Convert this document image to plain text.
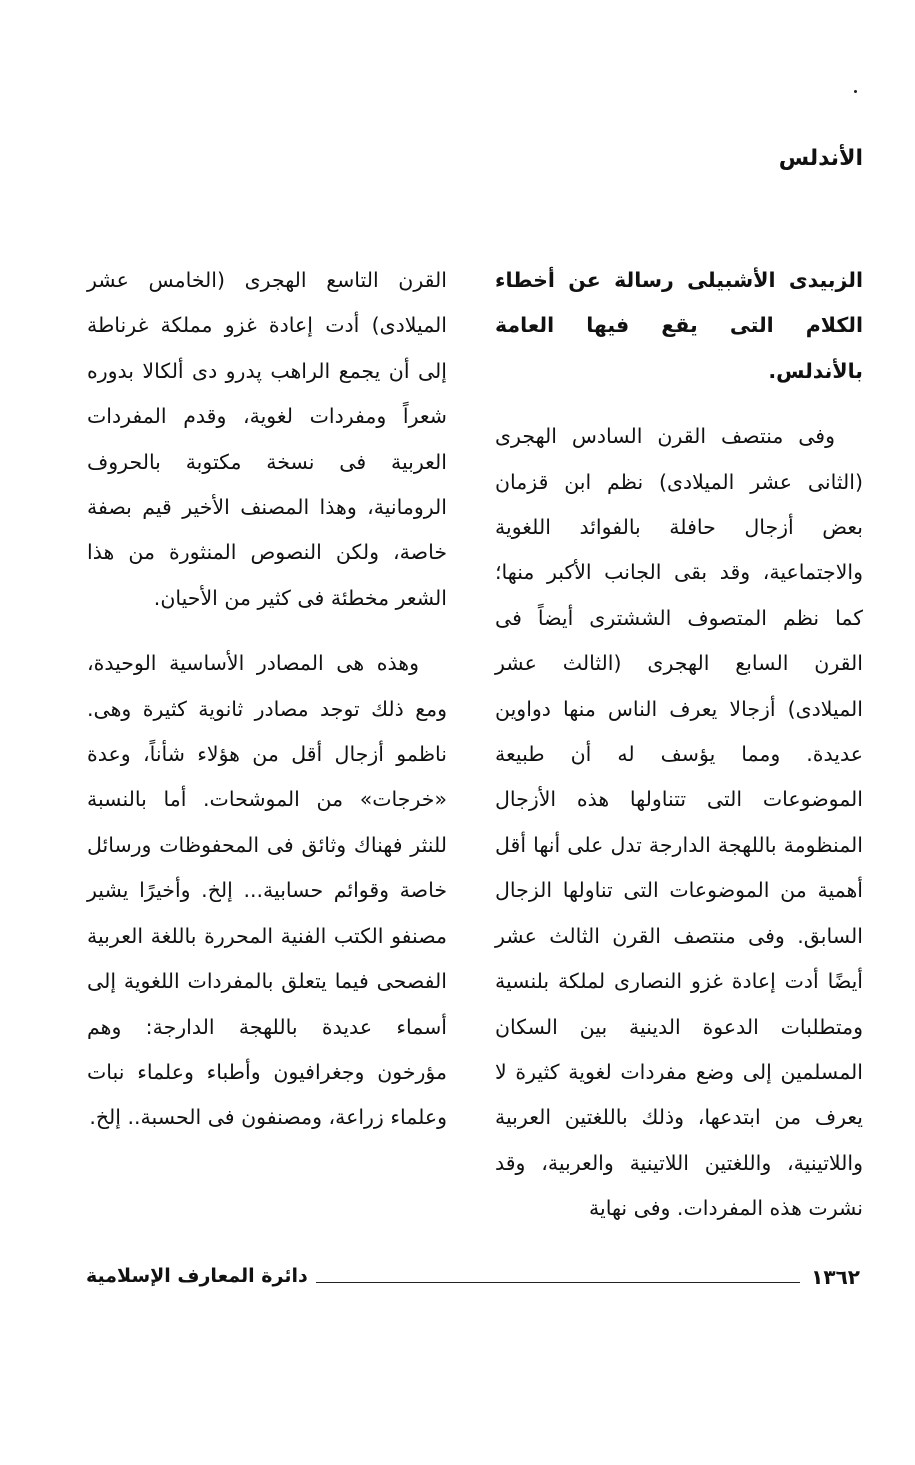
الأندلس

الزبيدى الأشبيلى رسالة عن أخطاء الكلام التى يقع فيها العامة بالأندلس.

وفى منتصف القرن السادس الهجرى (الثانى عشر الميلادى) نظم ابن قزمان بعض أزجال حافلة بالفوائد اللغوية والاجتماعية، وقد بقى الجانب الأكبر منها؛ كما نظم المتصوف الششترى أيضاً فى القرن السابع الهجرى (الثالث عشر الميلادى) أزجالا يعرف الناس منها دواوين عديدة. ومما يؤسف له أن طبيعة الموضوعات التى تتناولها هذه الأزجال المنظومة باللهجة الدارجة تدل على أنها أقل أهمية من الموضوعات التى تناولها الزجال السابق. وفى منتصف القرن الثالث عشر أيضًا أدت إعادة غزو النصارى لملكة بلنسية ومتطلبات الدعوة الدينية بين السكان المسلمين إلى وضع مفردات لغوية كثيرة لا يعرف من ابتدعها، وذلك باللغتين العربية واللاتينية، واللغتين اللاتينية والعربية، وقد نشرت هذه المفردات. وفى نهاية

القرن التاسع الهجرى (الخامس عشر الميلادى) أدت إعادة غزو مملكة غرناطة إلى أن يجمع الراهب پدرو دى ألكالا بدوره شعراً ومفردات لغوية، وقدم المفردات العربية فى نسخة مكتوبة بالحروف الرومانية، وهذا المصنف الأخير قيم بصفة خاصة، ولكن النصوص المنثورة من هذا الشعر مخطئة فى كثير من الأحيان.

وهذه هى المصادر الأساسية الوحيدة، ومع ذلك توجد مصادر ثانوية كثيرة وهى. ناظمو أزجال أقل من هؤلاء شأناً، وعدة «خرجات» من الموشحات. أما بالنسبة للنثر فهناك وثائق فى المحفوظات ورسائل خاصة وقوائم حسابية... إلخ. وأخيرًا يشير مصنفو الكتب الفنية المحررة باللغة العربية الفصحى فيما يتعلق بالمفردات اللغوية إلى أسماء عديدة باللهجة الدارجة: وهم مؤرخون وجغرافيون وأطباء وعلماء نبات وعلماء زراعة، ومصنفون فى الحسبة.. إلخ.

١٣٦٢
دائرة المعارف الإسلامية
